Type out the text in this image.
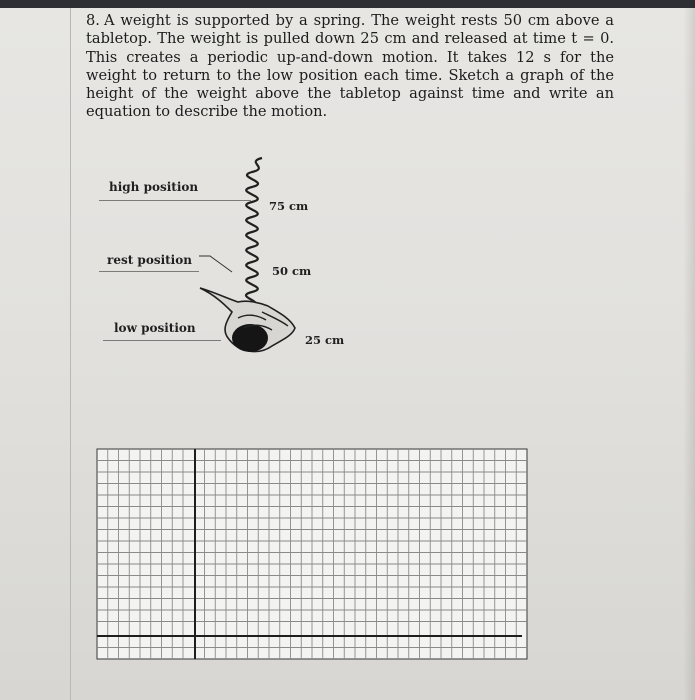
8. A weight is supported by a spring. The weight rests 50 cm above a tabletop. The weight is pulled down 25 cm and released at time t = 0. This creates a periodic up-and-down motion. It takes 12 s for the weight to return to the low position each time. Sketch a graph of the height of the weight above the tabletop against time and write an equation to describe the motion.
high position
rest position
low position
75 cm
50 cm
25 cm
